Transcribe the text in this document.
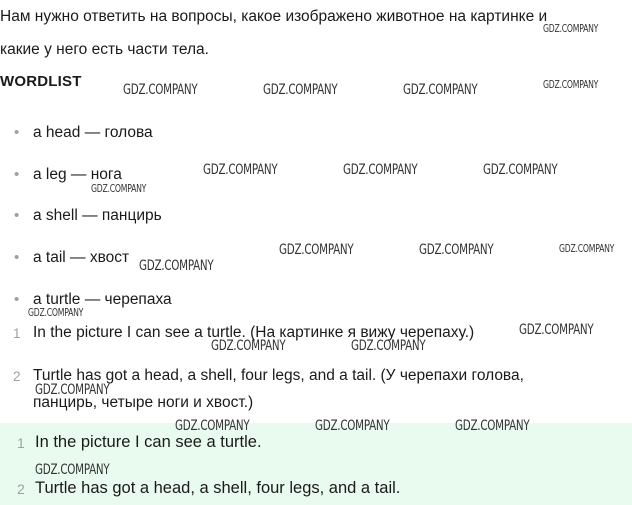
Нам нужно ответить на вопросы, какое изображено животное на картинке и

какие у него есть части тела.

WORDLIST

• a head — голова
• a leg — нога
• a shell — панцирь
• a tail — хвост
• a turtle — черепаха
1 In the picture I can see a turtle. (На картинке я вижу черепаху.)
2 Turtle has got a head, a shell, four legs, and a tail. (У черепахи голова,
панцирь, четыре ноги и хвост.)
1 In the picture I can see a turtle.
2 Turtle has got a head, a shell, four legs, and a tail.
GDZ.COMPANY
GDZ.COMPANY	GDZ.COMPANY	GDZ.COMPANY	GDZ.COMPANY
GDZ.COMPANY	GDZ.COMPANY	GDZ.COMPANY
GDZ.COMPANY
GDZ.COMPANY	GDZ.COMPANY	GDZ.COMPANY
GDZ.COMPANY
GDZ.COMPANY
GDZ.COMPANY
GDZ.COMPANY	GDZ.COMPANY
GDZ.COMPANY
GDZ.COMPANY	GDZ.COMPANY	GDZ.COMPANY
GDZ.COMPANY
